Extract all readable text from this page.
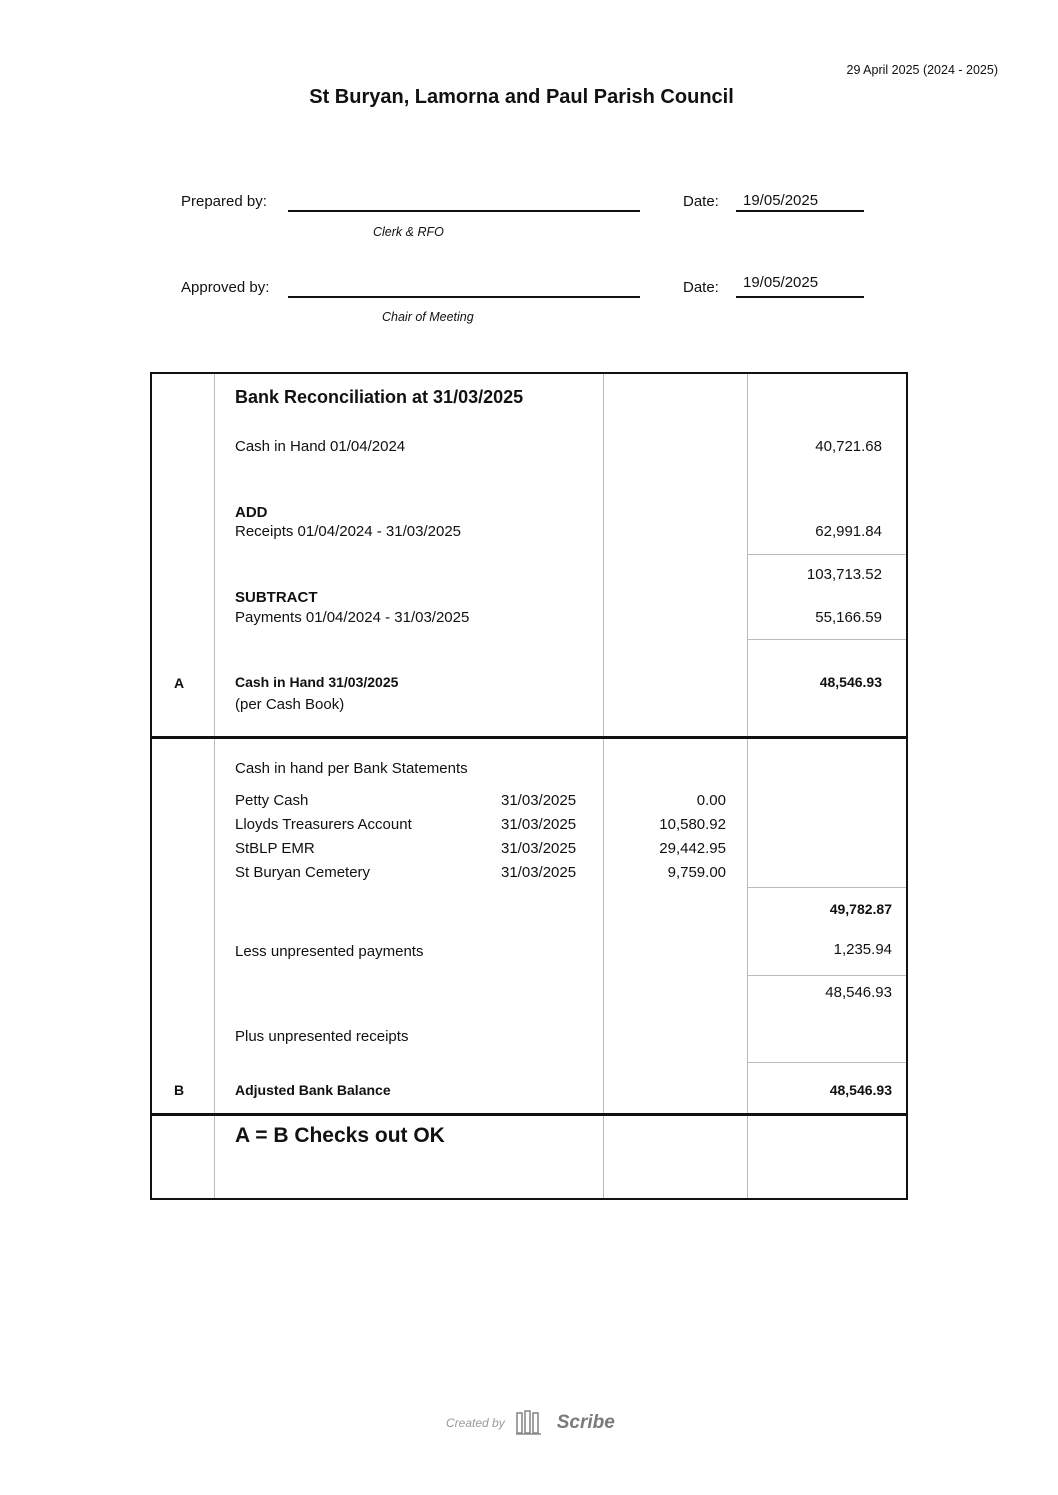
29 April 2025 (2024 - 2025)
St Buryan, Lamorna and Paul Parish Council
Prepared by:
Clerk & RFO
Date: 19/05/2025
Approved by:
Chair of Meeting
Date: 19/05/2025
Bank Reconciliation at 31/03/2025
Cash in Hand 01/04/2024	40,721.68
ADD
Receipts 01/04/2024 - 31/03/2025	62,991.84
103,713.52
SUBTRACT
Payments 01/04/2024 - 31/03/2025	55,166.59
A	Cash in Hand 31/03/2025
(per Cash Book)
48,546.93
Cash in hand per Bank Statements
Petty Cash	31/03/2025	0.00
Lloyds Treasurers Account	31/03/2025	10,580.92
StBLP EMR	31/03/2025	29,442.95
St Buryan Cemetery	31/03/2025	9,759.00
49,782.87
Less unpresented payments	1,235.94
48,546.93
Plus unpresented receipts
B	Adjusted Bank Balance	48,546.93
A = B Checks out OK
Created by	Scribe
